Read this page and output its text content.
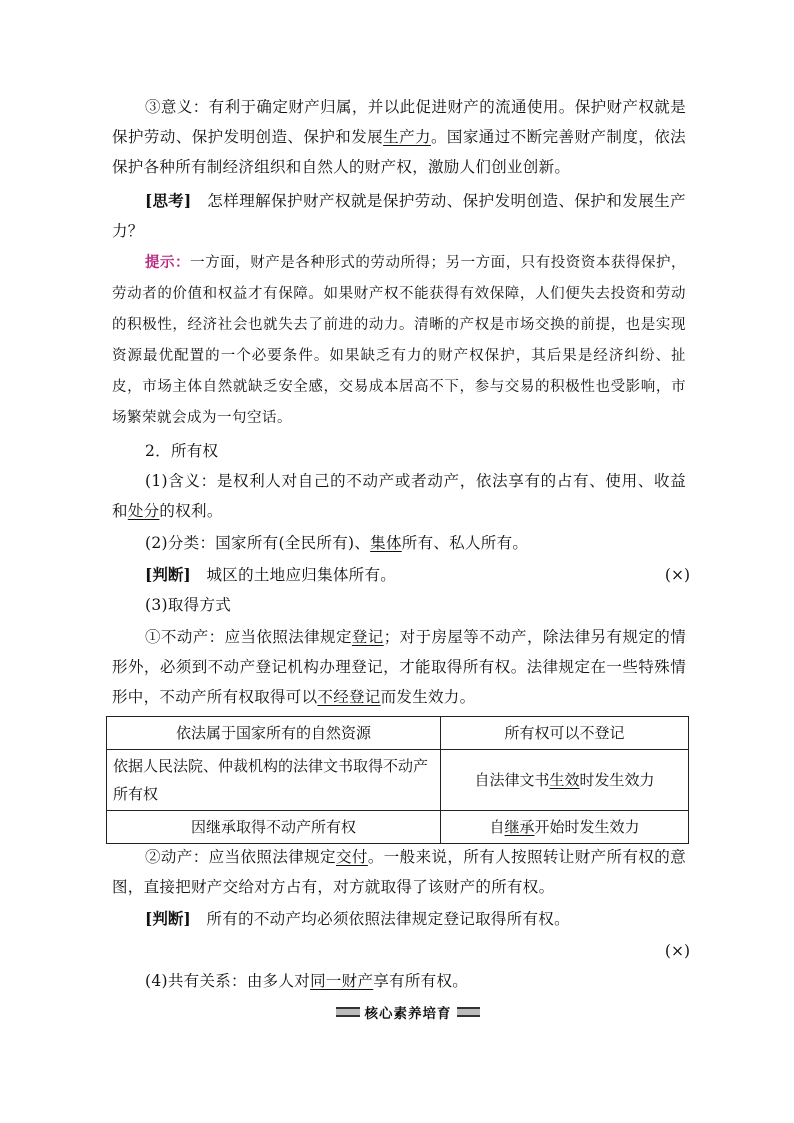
③意义：有利于确定财产归属，并以此促进财产的流通使用。保护财产权就是保护劳动、保护发明创造、保护和发展生产力。国家通过不断完善财产制度，依法保护各种所有制经济组织和自然人的财产权，激励人们创业创新。

[思考]　 怎样理解保护财产权就是保护劳动、保护发明创造、保护和发展生产力？

提示：一方面，财产是各种形式的劳动所得；另一方面，只有投资资本获得保护，劳动者的价值和权益才有保障。如果财产权不能获得有效保障，人们便失去投资和劳动的积极性，经济社会也就失去了前进的动力。清晰的产权是市场交换的前提，也是实现资源最优配置的一个必要条件。如果缺乏有力的财产权保护，其后果是经济纠纷、扯皮，市场主体自然就缺乏安全感，交易成本居高不下，参与交易的积极性也受影响，市场繁荣就会成为一句空话。

2．所有权

(1)含义：是权利人对自己的不动产或者动产，依法享有的占有、使用、收益和处分的权利。

(2)分类：国家所有(全民所有)、集体所有、私人所有。

[判断]　 城区的土地应归集体所有。	(×)

(3)取得方式

①不动产：应当依照法律规定登记；对于房屋等不动产，除法律另有规定的情形外，必须到不动产登记机构办理登记，才能取得所有权。法律规定在一些特殊情形中，不动产所有权取得可以不经登记而发生效力。

依法属于国家所有的自然资源	所有权可以不登记
依据人民法院、仲裁机构的法律文书取得不动产所有权	自法律文书生效时发生效力
因继承取得不动产所有权	自继承开始时发生效力

②动产：应当依照法律规定交付。一般来说，所有人按照转让财产所有权的意图，直接把财产交给对方占有，对方就取得了该财产的所有权。

[判断]　 所有的不动产均必须依照法律规定登记取得所有权。

(×)

(4)共有关系：由多人对同一财产享有所有权。

核心素养培育
